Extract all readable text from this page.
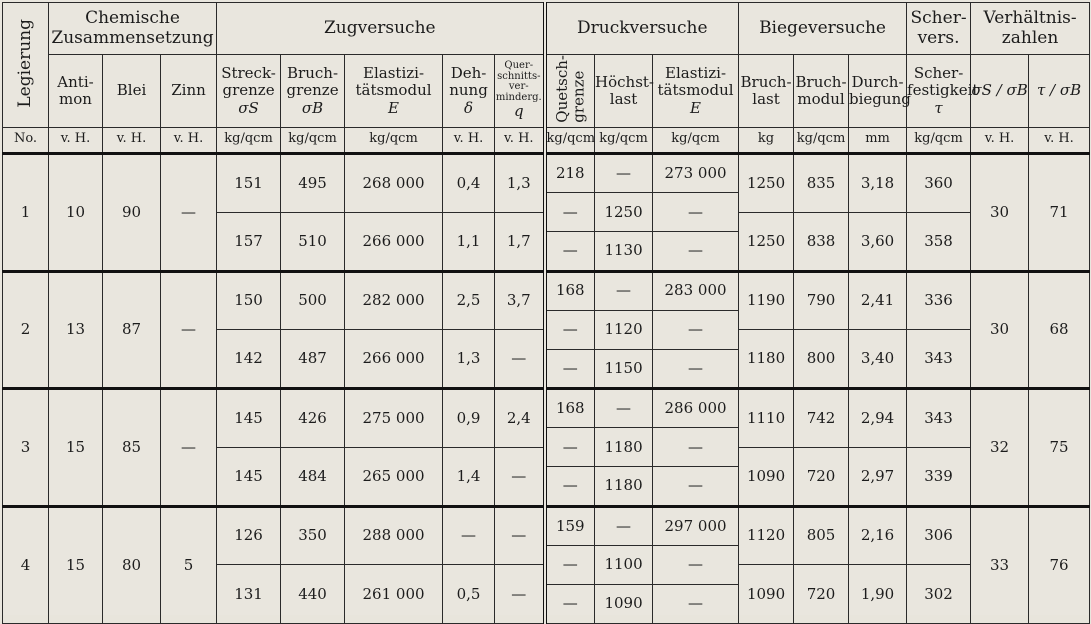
Legierung	Chemische Zusammensetzung			Zugversuche					Druckversuche			Biegeversuche			Scher-
vers.	Verhältnis-
zahlen	
	Anti-
mon	Blei	Zinn	Streck-
grenze
σS	Bruch-
grenze
σB	Elastizi-
tätsmodul
E	Deh-
nung
δ	Quer-
schnitts-
ver-
minderg.
q	Quetsch-
grenze	Höchst-
last	Elastizi-
tätsmodul
E	Bruch-
last	Bruch-
modul	Durch-
biegung	Scher-
festigkeit
τ	σS / σB	τ / σB
No.	v. H.	v. H.	v. H.	kg/qcm	kg/qcm	kg/qcm	v. H.	v. H.	kg/qcm	kg/qcm	kg/qcm	kg	kg/qcm	mm	kg/qcm	v. H.	v. H.
1	10	90	—	151	495	268 000	0,4	1,3	218	—	273 000	1250	835	3,18	360	30	71

									—	1250	—						
				157	510	266 000	1,1	1,7				1250	838	3,60	358		
									—	1130	—						

2	13	87	—	150	500	282 000	2,5	3,7	168	—	283 000	1190	790	2,41	336	30	68

									—	1120	—						
				142	487	266 000	1,3	—				1180	800	3,40	343		
									—	1150	—						

3	15	85	—	145	426	275 000	0,9	2,4	168	—	286 000	1110	742	2,94	343	32	75

									—	1180	—						
				145	484	265 000	1,4	—				1090	720	2,97	339		
									—	1180	—						

4	15	80	5	126	350	288 000	—	—	159	—	297 000	1120	805	2,16	306	33	76

									—	1100	—						
				131	440	261 000	0,5	—				1090	720	1,90	302		
									—	1090	—						
